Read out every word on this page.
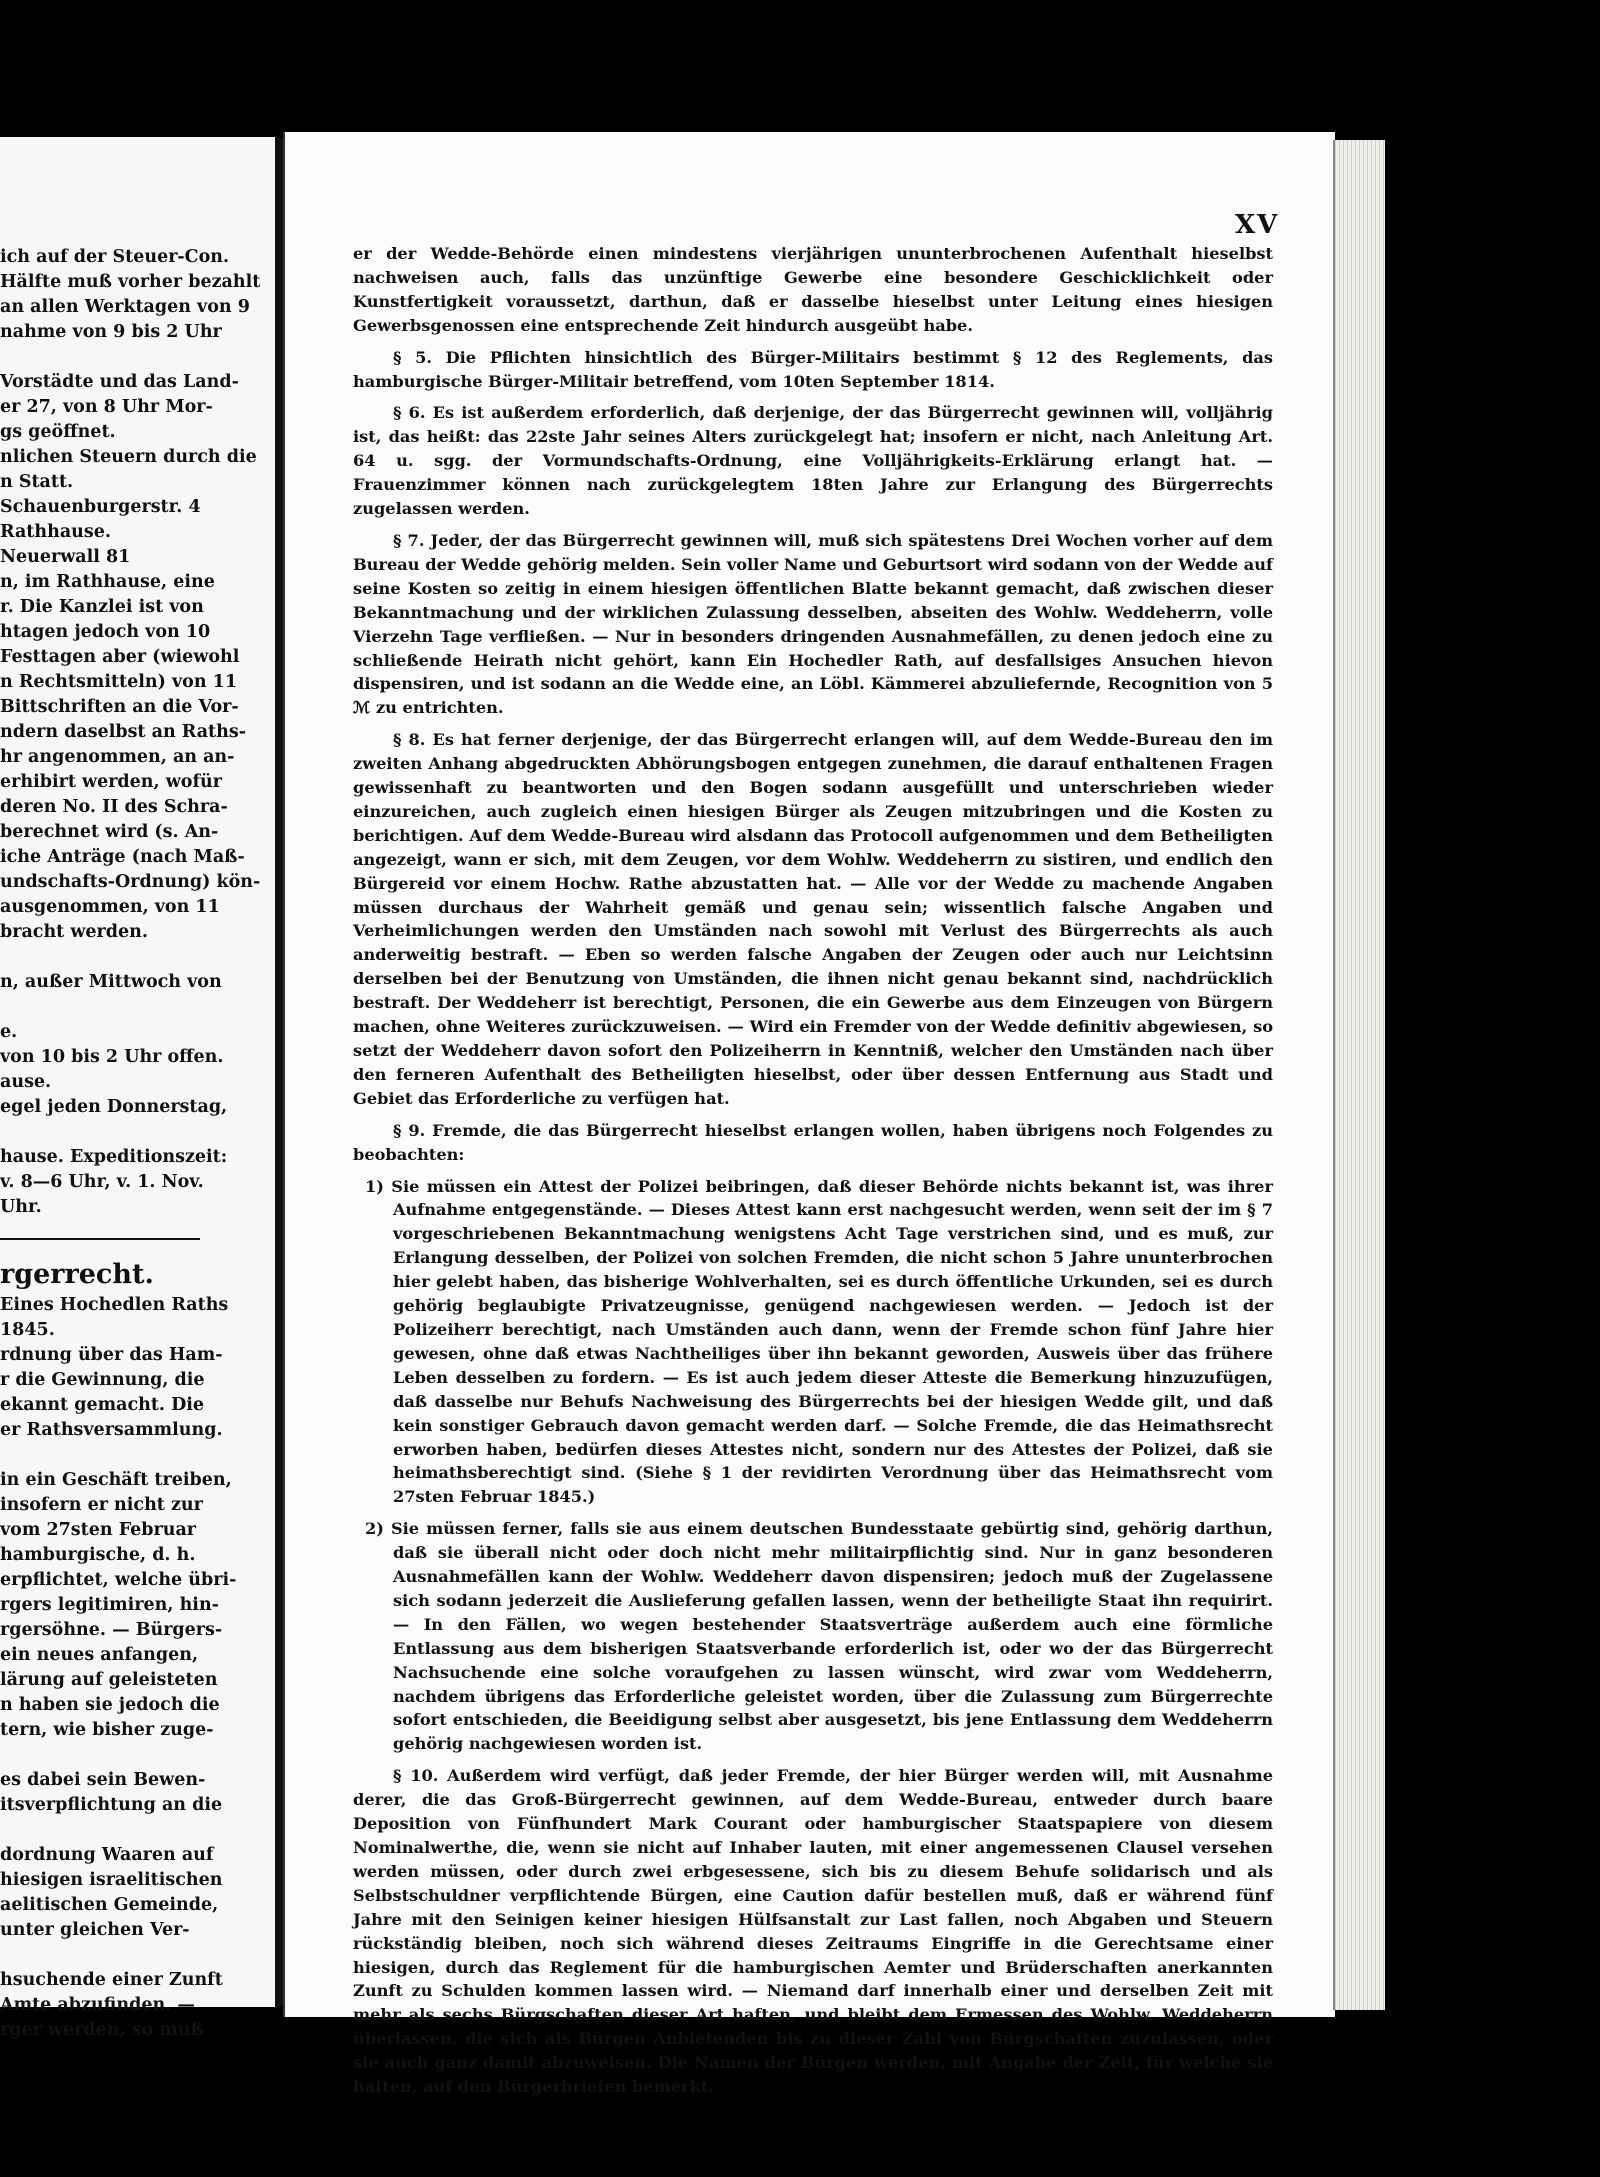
ich auf der Steuer-Con.
Hälfte muß vorher bezahlt
an allen Werktagen von 9
nahme von 9 bis 2 Uhr

Vorstädte und das Land-
er 27, von 8 Uhr Mor-
gs geöffnet.
nlichen Steuern durch die
n Statt.
Schauenburgerstr. 4
Rathhause.
Neuerwall 81
n, im Rathhause, eine
r. Die Kanzlei ist von
htagen jedoch von 10
Festtagen aber (wiewohl
n Rechtsmitteln) von 11
Bittschriften an die Vor-
ndern daselbst an Raths-
hr angenommen, an an-
erhibirt werden, wofür
deren No. II des Schra-
berechnet wird (s. An-
iche Anträge (nach Maß-
undschafts-Ordnung) kön-
ausgenommen, von 11
bracht werden.

n, außer Mittwoch von

e.
von 10 bis 2 Uhr offen.
ause.
egel jeden Donnerstag,

hause. Expeditionszeit:
v. 8—6 Uhr, v. 1. Nov.
Uhr.
rgerrecht.
Eines Hochedlen Raths
1845.
rdnung über das Ham-
r die Gewinnung, die
ekannt gemacht. Die
er Rathsversammlung.

in ein Geschäft treiben,
insofern er nicht zur
vom 27sten Februar
hamburgische, d. h.
erpflichtet, welche übri-
rgers legitimiren, hin-
rgersöhne. — Bürgers-
ein neues anfangen,
lärung auf geleisteten
n haben sie jedoch die
tern, wie bisher zuge-

es dabei sein Bewen-
itsverpflichtung an die

dordnung Waaren auf
hiesigen israelitischen
aelitischen Gemeinde,
unter gleichen Ver-

hsuchende einer Zunft
Amte abzufinden. —
rger werden, so muß
XV

er der Wedde-Behörde einen mindestens vierjährigen ununterbrochenen Aufenthalt hieselbst nachweisen auch, falls das unzünftige Gewerbe eine besondere Geschicklichkeit oder Kunstfertigkeit voraussetzt, darthun, daß er dasselbe hieselbst unter Leitung eines hiesigen Gewerbsgenossen eine entsprechende Zeit hindurch ausgeübt habe.

§ 5. Die Pflichten hinsichtlich des Bürger-Militairs bestimmt § 12 des Reglements, das hamburgische Bürger-Militair betreffend, vom 10ten September 1814.

§ 6. Es ist außerdem erforderlich, daß derjenige, der das Bürgerrecht gewinnen will, volljährig ist, das heißt: das 22ste Jahr seines Alters zurückgelegt hat; insofern er nicht, nach Anleitung Art. 64 u. sgg. der Vormundschafts-Ordnung, eine Volljährigkeits-Erklärung erlangt hat. — Frauenzimmer können nach zurückgelegtem 18ten Jahre zur Erlangung des Bürgerrechts zugelassen werden.

§ 7. Jeder, der das Bürgerrecht gewinnen will, muß sich spätestens Drei Wochen vorher auf dem Bureau der Wedde gehörig melden. Sein voller Name und Geburtsort wird sodann von der Wedde auf seine Kosten so zeitig in einem hiesigen öffentlichen Blatte bekannt gemacht, daß zwischen dieser Bekanntmachung und der wirklichen Zulassung desselben, abseiten des Wohlw. Weddeherrn, volle Vierzehn Tage verfließen. — Nur in besonders dringenden Ausnahmefällen, zu denen jedoch eine zu schließende Heirath nicht gehört, kann Ein Hochedler Rath, auf desfallsiges Ansuchen hievon dispensiren, und ist sodann an die Wedde eine, an Löbl. Kämmerei abzuliefernde, Recognition von 5 ℳ zu entrichten.

§ 8. Es hat ferner derjenige, der das Bürgerrecht erlangen will, auf dem Wedde-Bureau den im zweiten Anhang abgedruckten Abhörungsbogen entgegen zunehmen, die darauf enthaltenen Fragen gewissenhaft zu beantworten und den Bogen sodann ausgefüllt und unterschrieben wieder einzureichen, auch zugleich einen hiesigen Bürger als Zeugen mitzubringen und die Kosten zu berichtigen. Auf dem Wedde-Bureau wird alsdann das Protocoll aufgenommen und dem Betheiligten angezeigt, wann er sich, mit dem Zeugen, vor dem Wohlw. Weddeherrn zu sistiren, und endlich den Bürgereid vor einem Hochw. Rathe abzustatten hat. — Alle vor der Wedde zu machende Angaben müssen durchaus der Wahrheit gemäß und genau sein; wissentlich falsche Angaben und Verheimlichungen werden den Umständen nach sowohl mit Verlust des Bürgerrechts als auch anderweitig bestraft. — Eben so werden falsche Angaben der Zeugen oder auch nur Leichtsinn derselben bei der Benutzung von Umständen, die ihnen nicht genau bekannt sind, nachdrücklich bestraft. Der Weddeherr ist berechtigt, Personen, die ein Gewerbe aus dem Einzeugen von Bürgern machen, ohne Weiteres zurückzuweisen. — Wird ein Fremder von der Wedde definitiv abgewiesen, so setzt der Weddeherr davon sofort den Polizeiherrn in Kenntniß, welcher den Umständen nach über den ferneren Aufenthalt des Betheiligten hieselbst, oder über dessen Entfernung aus Stadt und Gebiet das Erforderliche zu verfügen hat.

§ 9. Fremde, die das Bürgerrecht hieselbst erlangen wollen, haben übrigens noch Folgendes zu beobachten:

1) Sie müssen ein Attest der Polizei beibringen, daß dieser Behörde nichts bekannt ist, was ihrer Aufnahme entgegenstände. — Dieses Attest kann erst nachgesucht werden, wenn seit der im § 7 vorgeschriebenen Bekanntmachung wenigstens Acht Tage verstrichen sind, und es muß, zur Erlangung desselben, der Polizei von solchen Fremden, die nicht schon 5 Jahre ununterbrochen hier gelebt haben, das bisherige Wohlverhalten, sei es durch öffentliche Urkunden, sei es durch gehörig beglaubigte Privatzeugnisse, genügend nachgewiesen werden. — Jedoch ist der Polizeiherr berechtigt, nach Umständen auch dann, wenn der Fremde schon fünf Jahre hier gewesen, ohne daß etwas Nachtheiliges über ihn bekannt geworden, Ausweis über das frühere Leben desselben zu fordern. — Es ist auch jedem dieser Atteste die Bemerkung hinzuzufügen, daß dasselbe nur Behufs Nachweisung des Bürgerrechts bei der hiesigen Wedde gilt, und daß kein sonstiger Gebrauch davon gemacht werden darf. — Solche Fremde, die das Heimathsrecht erworben haben, bedürfen dieses Attestes nicht, sondern nur des Attestes der Polizei, daß sie heimathsberechtigt sind. (Siehe § 1 der revidirten Verordnung über das Heimathsrecht vom 27sten Februar 1845.)

2) Sie müssen ferner, falls sie aus einem deutschen Bundesstaate gebürtig sind, gehörig darthun, daß sie überall nicht oder doch nicht mehr militairpflichtig sind. Nur in ganz besonderen Ausnahmefällen kann der Wohlw. Weddeherr davon dispensiren; jedoch muß der Zugelassene sich sodann jederzeit die Auslieferung gefallen lassen, wenn der betheiligte Staat ihn requirirt. — In den Fällen, wo wegen bestehender Staatsverträge außerdem auch eine förmliche Entlassung aus dem bisherigen Staatsverbande erforderlich ist, oder wo der das Bürgerrecht Nachsuchende eine solche voraufgehen zu lassen wünscht, wird zwar vom Weddeherrn, nachdem übrigens das Erforderliche geleistet worden, über die Zulassung zum Bürgerrechte sofort entschieden, die Beeidigung selbst aber ausgesetzt, bis jene Entlassung dem Weddeherrn gehörig nachgewiesen worden ist.

§ 10. Außerdem wird verfügt, daß jeder Fremde, der hier Bürger werden will, mit Ausnahme derer, die das Groß-Bürgerrecht gewinnen, auf dem Wedde-Bureau, entweder durch baare Deposition von Fünfhundert Mark Courant oder hamburgischer Staatspapiere von diesem Nominalwerthe, die, wenn sie nicht auf Inhaber lauten, mit einer angemessenen Clausel versehen werden müssen, oder durch zwei erbgesessene, sich bis zu diesem Behufe solidarisch und als Selbstschuldner verpflichtende Bürgen, eine Caution dafür bestellen muß, daß er während fünf Jahre mit den Seinigen keiner hiesigen Hülfsanstalt zur Last fallen, noch Abgaben und Steuern rückständig bleiben, noch sich während dieses Zeitraums Eingriffe in die Gerechtsame einer hiesigen, durch das Reglement für die hamburgischen Aemter und Brüderschaften anerkannten Zunft zu Schulden kommen lassen wird. — Niemand darf innerhalb einer und derselben Zeit mit mehr als sechs Bürgschaften dieser Art haften, und bleibt dem Ermessen des Wohlw. Weddeherrn überlassen, die sich als Bürgen Anbietenden bis zu dieser Zahl von Bürgschaften zuzulassen, oder sie auch ganz damit abzuweisen. Die Namen der Bürgen werden, mit Angabe der Zeit, für welche sie haften, auf den Bürgerbriefen bemerkt.
